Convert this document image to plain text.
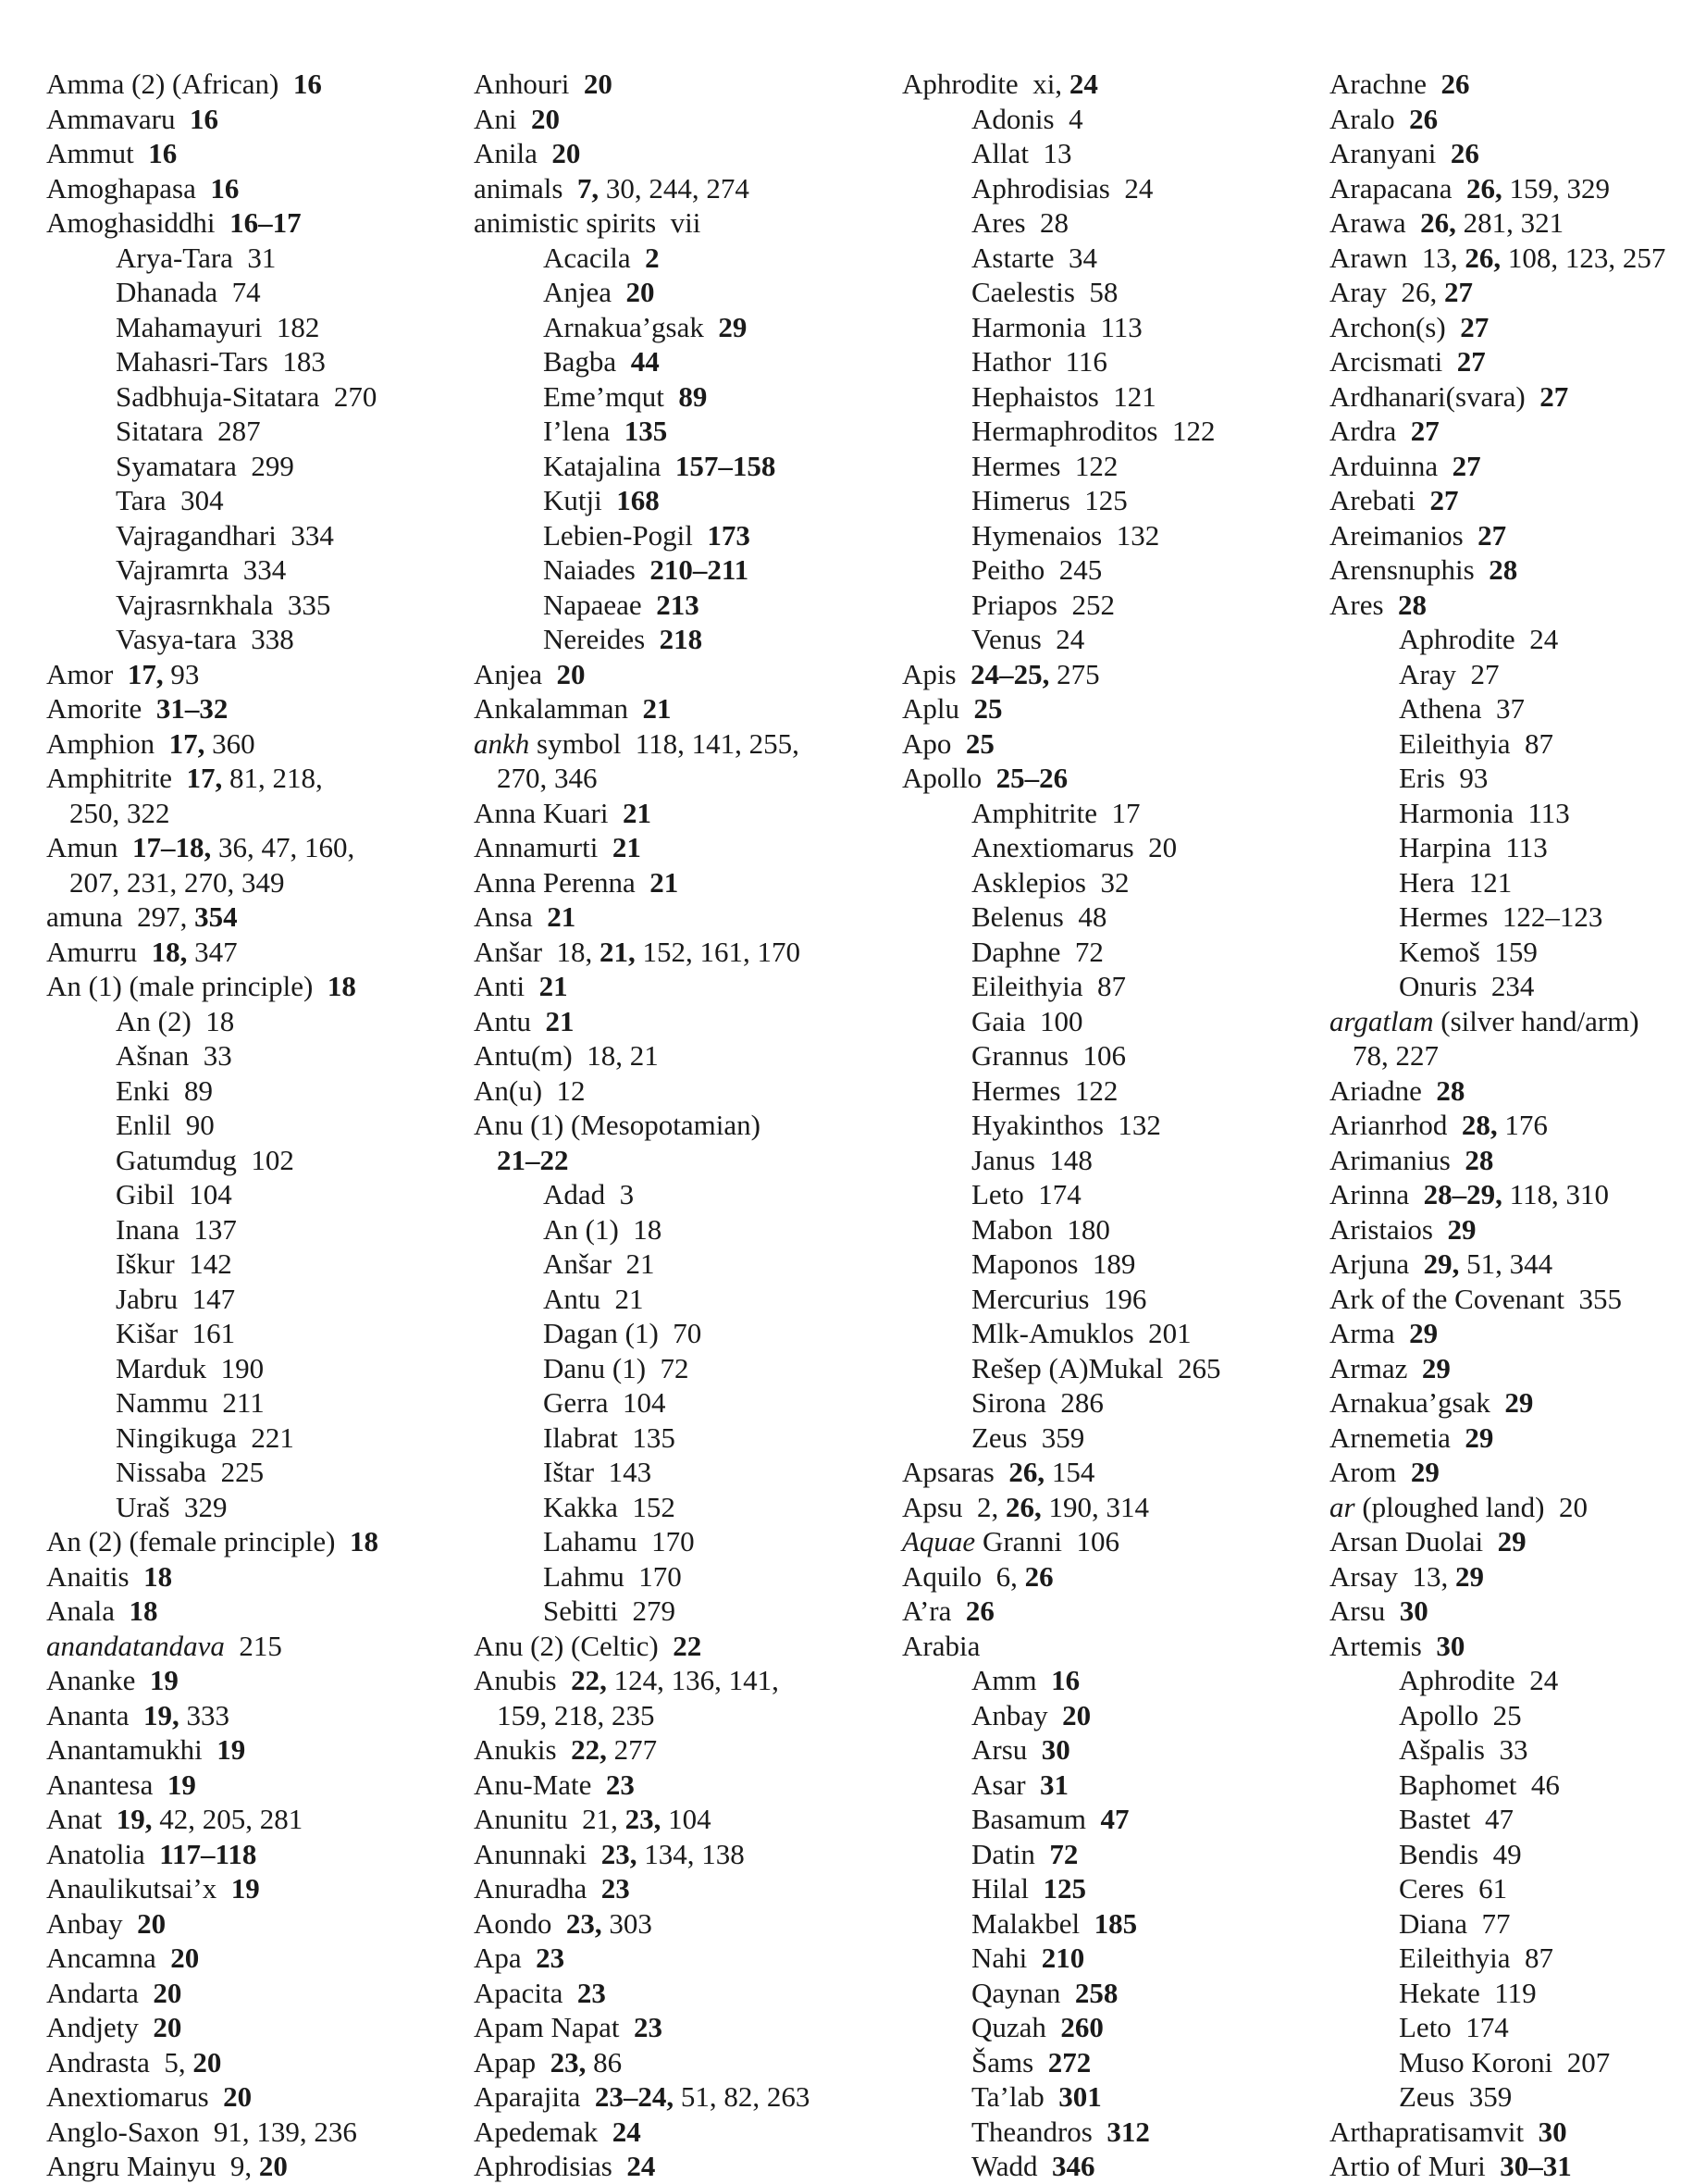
Amma (2) (African)  16
Ammavaru  16
Ammut  16
Amoghapasa  16
Amoghasiddhi  16–17
Arya-Tara  31
Dhanada  74
Mahamayuri  182
Mahasri-Tars  183
Sadbhuja-Sitatara  270
Sitatara  287
Syamatara  299
Tara  304
Vajragandhari  334
Vajramrta  334
Vajrasrnkhala  335
Vasya-tara  338
Amor  17, 93
Amorite  31–32
Amphion  17, 360
Amphitrite  17, 81, 218,
250, 322
Amun  17–18, 36, 47, 160,
207, 231, 270, 349
amuna  297, 354
Amurru  18, 347
An (1) (male principle)  18
An (2)  18
Ašnan  33
Enki  89
Enlil  90
Gatumdug  102
Gibil  104
Inana  137
Iškur  142
Jabru  147
Kišar  161
Marduk  190
Nammu  211
Ningikuga  221
Nissaba  225
Uraš  329
An (2) (female principle)  18
Anaitis  18
Anala  18
anandatandava  215
Ananke  19
Ananta  19, 333
Anantamukhi  19
Anantesa  19
Anat  19, 42, 205, 281
Anatolia  117–118
Anaulikutsai’x  19
Anbay  20
Ancamna  20
Andarta  20
Andjety  20
Andrasta  5, 20
Anextiomarus  20
Anglo-Saxon  91, 139, 236
Angru Mainyu  9, 20
Anhouri  20
Ani  20
Anila  20
animals  7, 30, 244, 274
animistic spirits  vii
Acacila  2
Anjea  20
Arnakua’gsak  29
Bagba  44
Eme’mqut  89
I’lena  135
Katajalina  157–158
Kutji  168
Lebien-Pogil  173
Naiades  210–211
Napaeae  213
Nereides  218
Anjea  20
Ankalamman  21
ankh symbol  118, 141, 255,
270, 346
Anna Kuari  21
Annamurti  21
Anna Perenna  21
Ansa  21
Anšar  18, 21, 152, 161, 170
Anti  21
Antu  21
Antu(m)  18, 21
An(u)  12
Anu (1) (Mesopotamian)
21–22
Adad  3
An (1)  18
Anšar  21
Antu  21
Dagan (1)  70
Danu (1)  72
Gerra  104
Ilabrat  135
Ištar  143
Kakka  152
Lahamu  170
Lahmu  170
Sebitti  279
Anu (2) (Celtic)  22
Anubis  22, 124, 136, 141,
159, 218, 235
Anukis  22, 277
Anu-Mate  23
Anunitu  21, 23, 104
Anunnaki  23, 134, 138
Anuradha  23
Aondo  23, 303
Apa  23
Apacita  23
Apam Napat  23
Apap  23, 86
Aparajita  23–24, 51, 82, 263
Apedemak  24
Aphrodisias  24
Aphrodite  xi, 24
Adonis  4
Allat  13
Aphrodisias  24
Ares  28
Astarte  34
Caelestis  58
Harmonia  113
Hathor  116
Hephaistos  121
Hermaphroditos  122
Hermes  122
Himerus  125
Hymenaios  132
Peitho  245
Priapos  252
Venus  24
Apis  24–25, 275
Aplu  25
Apo  25
Apollo  25–26
Amphitrite  17
Anextiomarus  20
Asklepios  32
Belenus  48
Daphne  72
Eileithyia  87
Gaia  100
Grannus  106
Hermes  122
Hyakinthos  132
Janus  148
Leto  174
Mabon  180
Maponos  189
Mercurius  196
Mlk-Amuklos  201
Rešep (A)Mukal  265
Sirona  286
Zeus  359
Apsaras  26, 154
Apsu  2, 26, 190, 314
Aquae Granni  106
Aquilo  6, 26
A’ra  26
Arabia
Amm  16
Anbay  20
Arsu  30
Asar  31
Basamum  47
Datin  72
Hilal  125
Malakbel  185
Nahi  210
Qaynan  258
Quzah  260
Šams  272
Ta’lab  301
Theandros  312
Wadd  346
Arachne  26
Aralo  26
Aranyani  26
Arapacana  26, 159, 329
Arawa  26, 281, 321
Arawn  13, 26, 108, 123, 257
Aray  26, 27
Archon(s)  27
Arcismati  27
Ardhanari(svara)  27
Ardra  27
Arduinna  27
Arebati  27
Areimanios  27
Arensnuphis  28
Ares  28
Aphrodite  24
Aray  27
Athena  37
Eileithyia  87
Eris  93
Harmonia  113
Harpina  113
Hera  121
Hermes  122–123
Kemoš  159
Onuris  234
argatlam (silver hand/arm)
78, 227
Ariadne  28
Arianrhod  28, 176
Arimanius  28
Arinna  28–29, 118, 310
Aristaios  29
Arjuna  29, 51, 344
Ark of the Covenant  355
Arma  29
Armaz  29
Arnakua’gsak  29
Arnemetia  29
Arom  29
ar (ploughed land)  20
Arsan Duolai  29
Arsay  13, 29
Arsu  30
Artemis  30
Aphrodite  24
Apollo  25
Ašpalis  33
Baphomet  46
Bastet  47
Bendis  49
Ceres  61
Diana  77
Eileithyia  87
Hekate  119
Leto  174
Muso Koroni  207
Zeus  359
Arthapratisamvit  30
Artio of Muri  30–31
